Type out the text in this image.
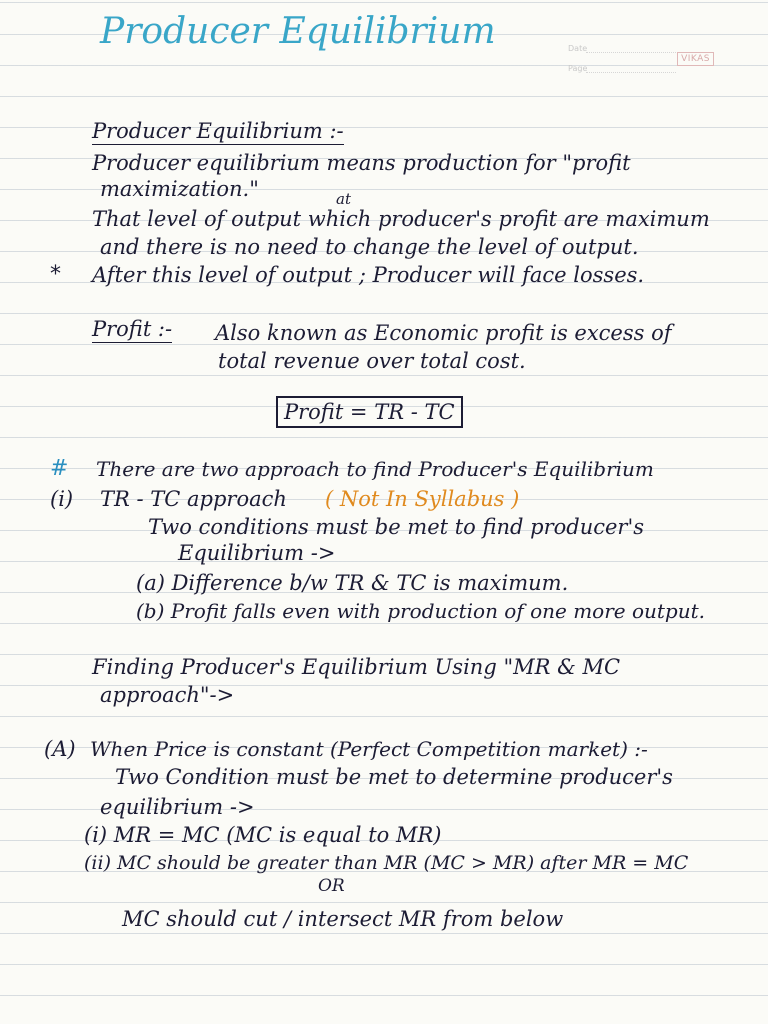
Producer Equilibrium	Date
Page
VIKAS
Producer Equilibrium :-
Producer equilibrium means production for "profit
maximization."	at
That level of output which producer's profit are maximum
and there is no need to change the level of output.
* After this level of output ; Producer will face losses.
Profit :- Also known as Economic profit is excess of
total revenue over total cost.
Profit = TR - TC
# There are two approach to find Producer's Equilibrium
(i) TR - TC approach ( Not In Syllabus )
Two conditions must be met to find producer's
Equilibrium ->
(a) Difference b/w TR & TC is maximum.
(b) Profit falls even with production of one more output.
Finding Producer's Equilibrium Using "MR & MC
approach"->
(A) When Price is constant (Perfect Competition market) :-
Two Condition must be met to determine producer's
equilibrium ->
(i) MR = MC (MC is equal to MR)
(ii) MC should be greater than MR (MC > MR) after MR = MC
OR
MC should cut / intersect MR from below
